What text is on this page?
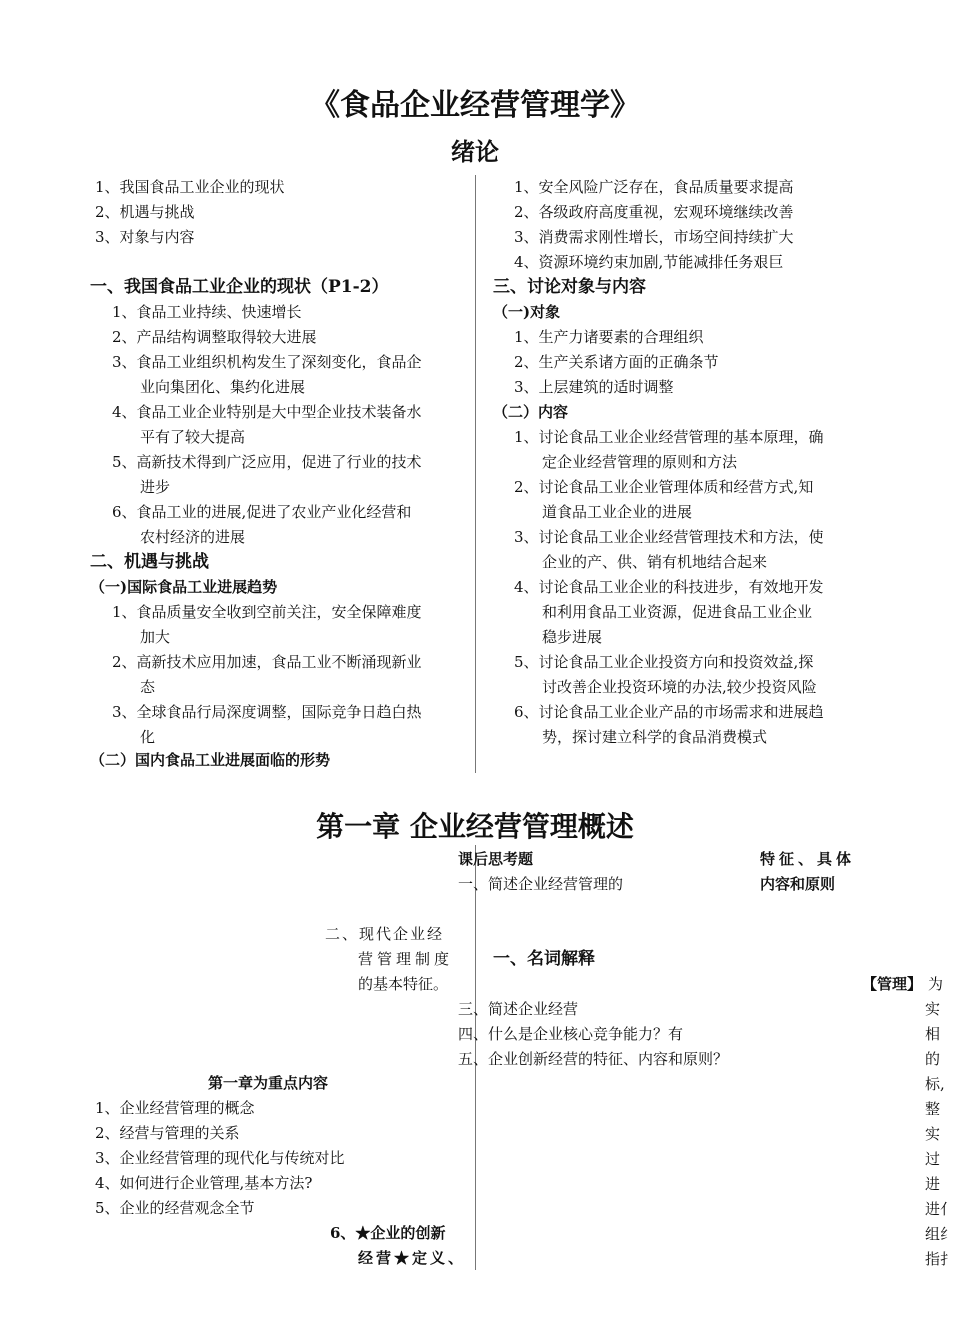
《食品企业经营管理学》
绪论
1、我国食品工业企业的现状
2、机遇与挑战
3、对象与内容
一、我国食品工业企业的现状（P1-2）
1、食品工业持续、快速增长
2、产品结构调整取得较大进展
3、食品工业组织机构发生了深刻变化，食品企
业向集团化、集约化进展
4、食品工业企业特别是大中型企业技术装备水
平有了较大提高
5、高新技术得到广泛应用，促进了行业的技术
进步
6、食品工业的进展,促进了农业产业化经营和
农村经济的进展
二、机遇与挑战
（一)国际食品工业进展趋势
1、食品质量安全收到空前关注，安全保障难度
加大
2、高新技术应用加速，食品工业不断涌现新业
态
3、全球食品行局深度调整，国际竞争日趋白热
化
（二）国内食品工业进展面临的形势
1、安全风险广泛存在，食品质量要求提高
2、各级政府高度重视，宏观环境继续改善
3、消费需求刚性增长，市场空间持续扩大
4、资源环境约束加剧,节能减排任务艰巨
三、讨论对象与内容
（一)对象
1、生产力诸要素的合理组织
2、生产关系诸方面的正确条节
3、上层建筑的适时调整
（二）内容
1、讨论食品工业企业经营管理的基本原理，确
定企业经营管理的原则和方法
2、讨论食品工业企业管理体质和经营方式,知
道食品工业企业的进展
3、讨论食品工业企业经营管理技术和方法，使
企业的产、供、销有机地结合起来
4、讨论食品工业企业的科技进步，有效地开发
和利用食品工业资源，促进食品工业企业
稳步进展
5、讨论食品工业企业投资方向和投资效益,探
讨改善企业投资环境的办法,较少投资风险
6、讨论食品工业企业产品的市场需求和进展趋
势，探讨建立科学的食品消费模式
第一章 企业经营管理概述
二、现代企业经
营管理制度
的基本特征。
第一章为重点内容
1、企业经营管理的概念
2、经营与管理的关系
3、企业经营管理的现代化与传统对比
4、如何进行企业管理,基本方法?
5、企业的经营观念全节
6、★企业的创新
经营★定义、
课后思考题
一、简述企业经营管理的
特征、具体
内容和原则
一、名词解释
三、简述企业经营
四、什么是企业核心竞争能力？有
五、企业创新经营的特征、内容和原则？
【管理】 为
实
相
的
标,
整
实
过
进
进亻
组纟
指扌
